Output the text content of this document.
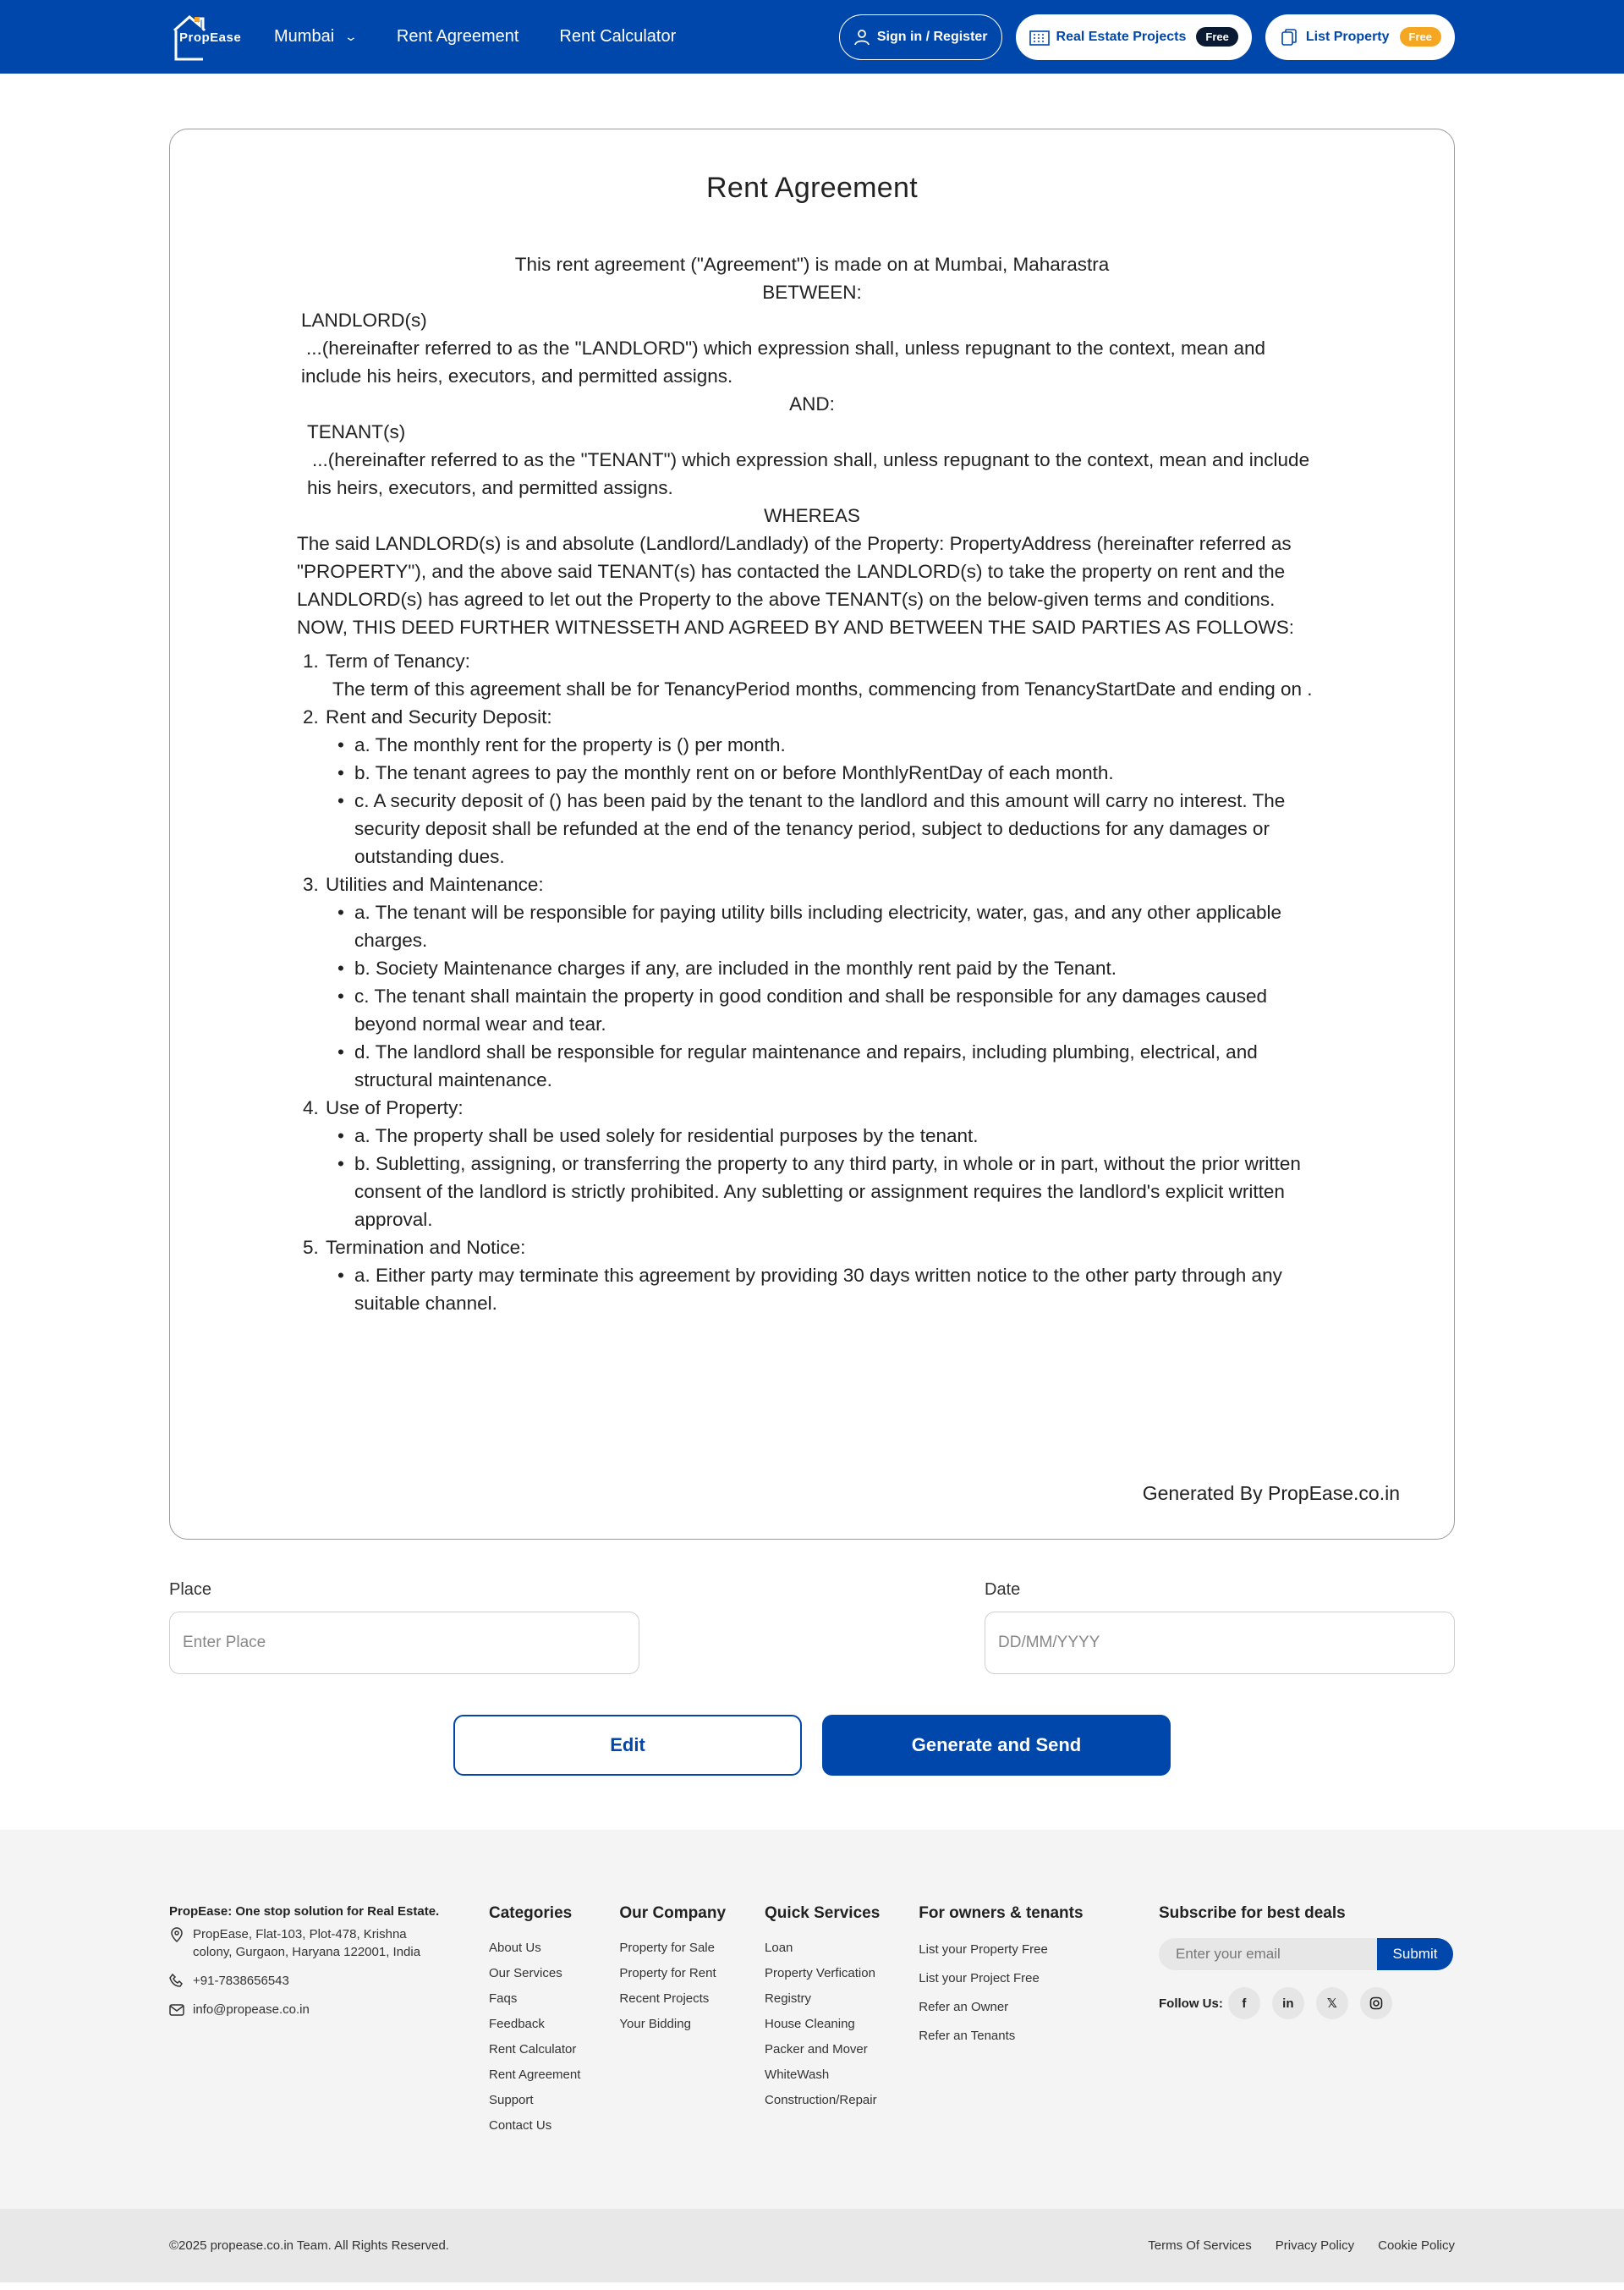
PropEase Mumbai ⌄ Rent Agreement Rent Calculator	Sign in / Register	Real Estate Projects	Free	List Property	Free
Rent Agreement
This rent agreement ("Agreement") is made on at Mumbai, Maharastra
BETWEEN:
LANDLORD(s)
...(hereinafter referred to as the "LANDLORD") which expression shall, unless repugnant to the context, mean and include his heirs, executors, and permitted assigns.
AND:
TENANT(s)
...(hereinafter referred to as the "TENANT") which expression shall, unless repugnant to the context, mean and include his heirs, executors, and permitted assigns.
WHEREAS
The said LANDLORD(s) is and absolute (Landlord/Landlady) of the Property: PropertyAddress (hereinafter referred as "PROPERTY"), and the above said TENANT(s) has contacted the LANDLORD(s) to take the property on rent and the LANDLORD(s) has agreed to let out the Property to the above TENANT(s) on the below-given terms and conditions.
NOW, THIS DEED FURTHER WITNESSETH AND AGREED BY AND BETWEEN THE SAID PARTIES AS FOLLOWS:
1. Term of Tenancy:
The term of this agreement shall be for TenancyPeriod months, commencing from TenancyStartDate and ending on .
2. Rent and Security Deposit:
• a. The monthly rent for the property is () per month.
• b. The tenant agrees to pay the monthly rent on or before MonthlyRentDay of each month.
• c. A security deposit of () has been paid by the tenant to the landlord and this amount will carry no interest. The security deposit shall be refunded at the end of the tenancy period, subject to deductions for any damages or outstanding dues.
3. Utilities and Maintenance:
• a. The tenant will be responsible for paying utility bills including electricity, water, gas, and any other applicable charges.
• b. Society Maintenance charges if any, are included in the monthly rent paid by the Tenant.
• c. The tenant shall maintain the property in good condition and shall be responsible for any damages caused beyond normal wear and tear.
• d. The landlord shall be responsible for regular maintenance and repairs, including plumbing, electrical, and structural maintenance.
4. Use of Property:
• a. The property shall be used solely for residential purposes by the tenant.
• b. Subletting, assigning, or transferring the property to any third party, in whole or in part, without the prior written consent of the landlord is strictly prohibited. Any subletting or assignment requires the landlord's explicit written approval.
5. Termination and Notice:
• a. Either party may terminate this agreement by providing 30 days written notice to the other party through any suitable channel.
Generated By PropEase.co.in
Place
Enter Place	Date
DD/MM/YYYY
Edit	Generate and Send
PropEase: One stop solution for Real Estate.
PropEase, Flat-103, Plot-478, Krishna colony, Gurgaon, Haryana 122001, India
+91-7838656543
info@propease.co.in
Categories
About Us
Our Services
Faqs
Feedback
Rent Calculator
Rent Agreement
Support
Contact Us
Our Company
Property for Sale
Property for Rent
Recent Projects
Your Bidding
Quick Services
Loan
Property Verfication
Registry
House Cleaning
Packer and Mover
WhiteWash
Construction/Repair
For owners & tenants
List your Property Free
List your Project Free
Refer an Owner
Refer an Tenants
Subscribe for best deals
Enter your email
Submit
Follow Us:	f	in	𝕏
©2025 propease.co.in Team. All Rights Reserved.	Terms Of Services Privacy Policy Cookie Policy
